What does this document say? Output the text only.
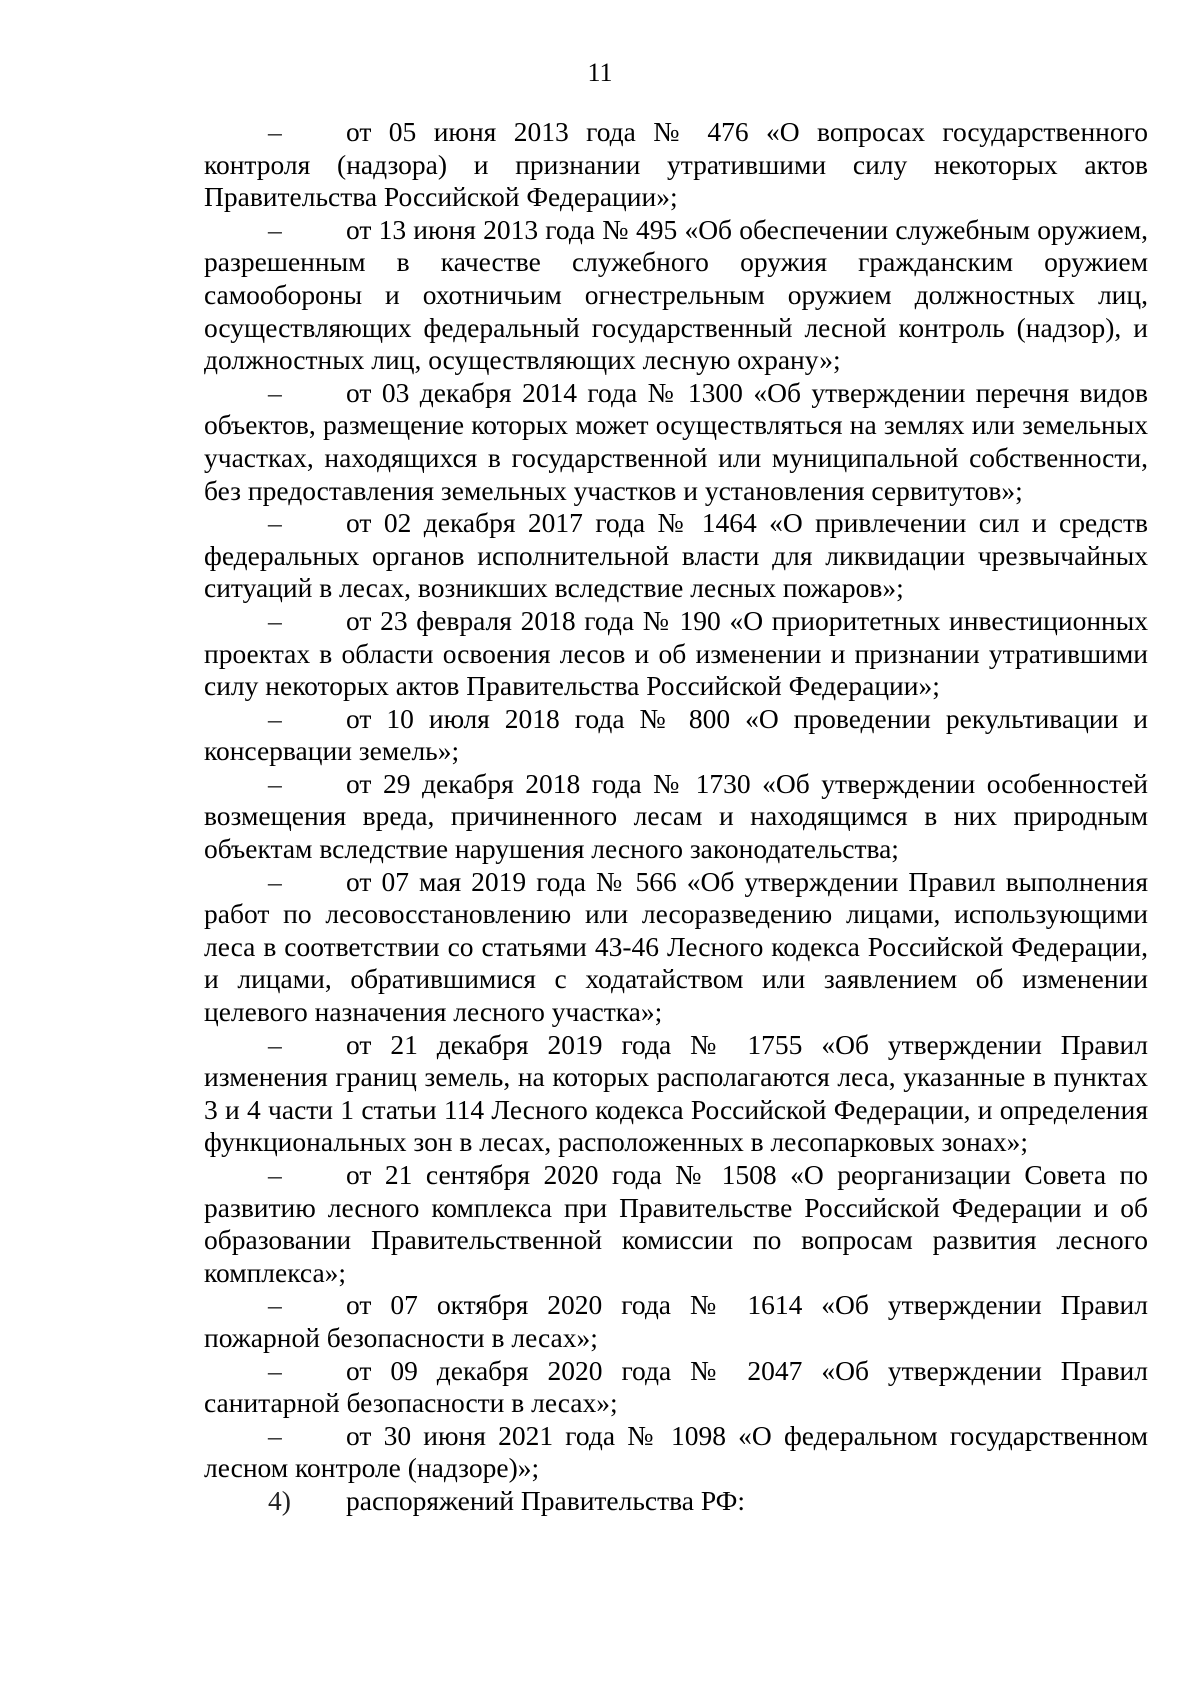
11

– от 05 июня 2013 года № 476 «О вопросах государственного контроля (надзора) и признании утратившими силу некоторых актов Правительства Российской Федерации»;

– от 13 июня 2013 года № 495 «Об обеспечении служебным оружием, разрешенным в качестве служебного оружия гражданским оружием самообороны и охотничьим огнестрельным оружием должностных лиц, осуществляющих федеральный государственный лесной контроль (надзор), и должностных лиц, осуществляющих лесную охрану»;

– от 03 декабря 2014 года № 1300 «Об утверждении перечня видов объектов, размещение которых может осуществляться на землях или земельных участках, находящихся в государственной или муниципальной собственности, без предоставления земельных участков и установления сервитутов»;

– от 02 декабря 2017 года № 1464 «О привлечении сил и средств федеральных органов исполнительной власти для ликвидации чрезвычайных ситуаций в лесах, возникших вследствие лесных пожаров»;

– от 23 февраля 2018 года № 190 «О приоритетных инвестиционных проектах в области освоения лесов и об изменении и признании утратившими силу некоторых актов Правительства Российской Федерации»;

– от 10 июля 2018 года № 800 «О проведении рекультивации и консервации земель»;

– от 29 декабря 2018 года № 1730 «Об утверждении особенностей возмещения вреда, причиненного лесам и находящимся в них природным объектам вследствие нарушения лесного законодательства;

– от 07 мая 2019 года № 566 «Об утверждении Правил выполнения работ по лесовосстановлению или лесоразведению лицами, использующими леса в соответствии со статьями 43-46 Лесного кодекса Российской Федерации, и лицами, обратившимися с ходатайством или заявлением об изменении целевого назначения лесного участка»;

– от 21 декабря 2019 года № 1755 «Об утверждении Правил изменения границ земель, на которых располагаются леса, указанные в пунктах 3 и 4 части 1 статьи 114 Лесного кодекса Российской Федерации, и определения функциональных зон в лесах, расположенных в лесопарковых зонах»;

– от 21 сентября 2020 года № 1508 «О реорганизации Совета по развитию лесного комплекса при Правительстве Российской Федерации и об образовании Правительственной комиссии по вопросам развития лесного комплекса»;

– от 07 октября 2020 года № 1614 «Об утверждении Правил пожарной безопасности в лесах»;

– от 09 декабря 2020 года № 2047 «Об утверждении Правил санитарной безопасности в лесах»;

– от 30 июня 2021 года № 1098 «О федеральном государственном лесном контроле (надзоре)»;

4) распоряжений Правительства РФ:
